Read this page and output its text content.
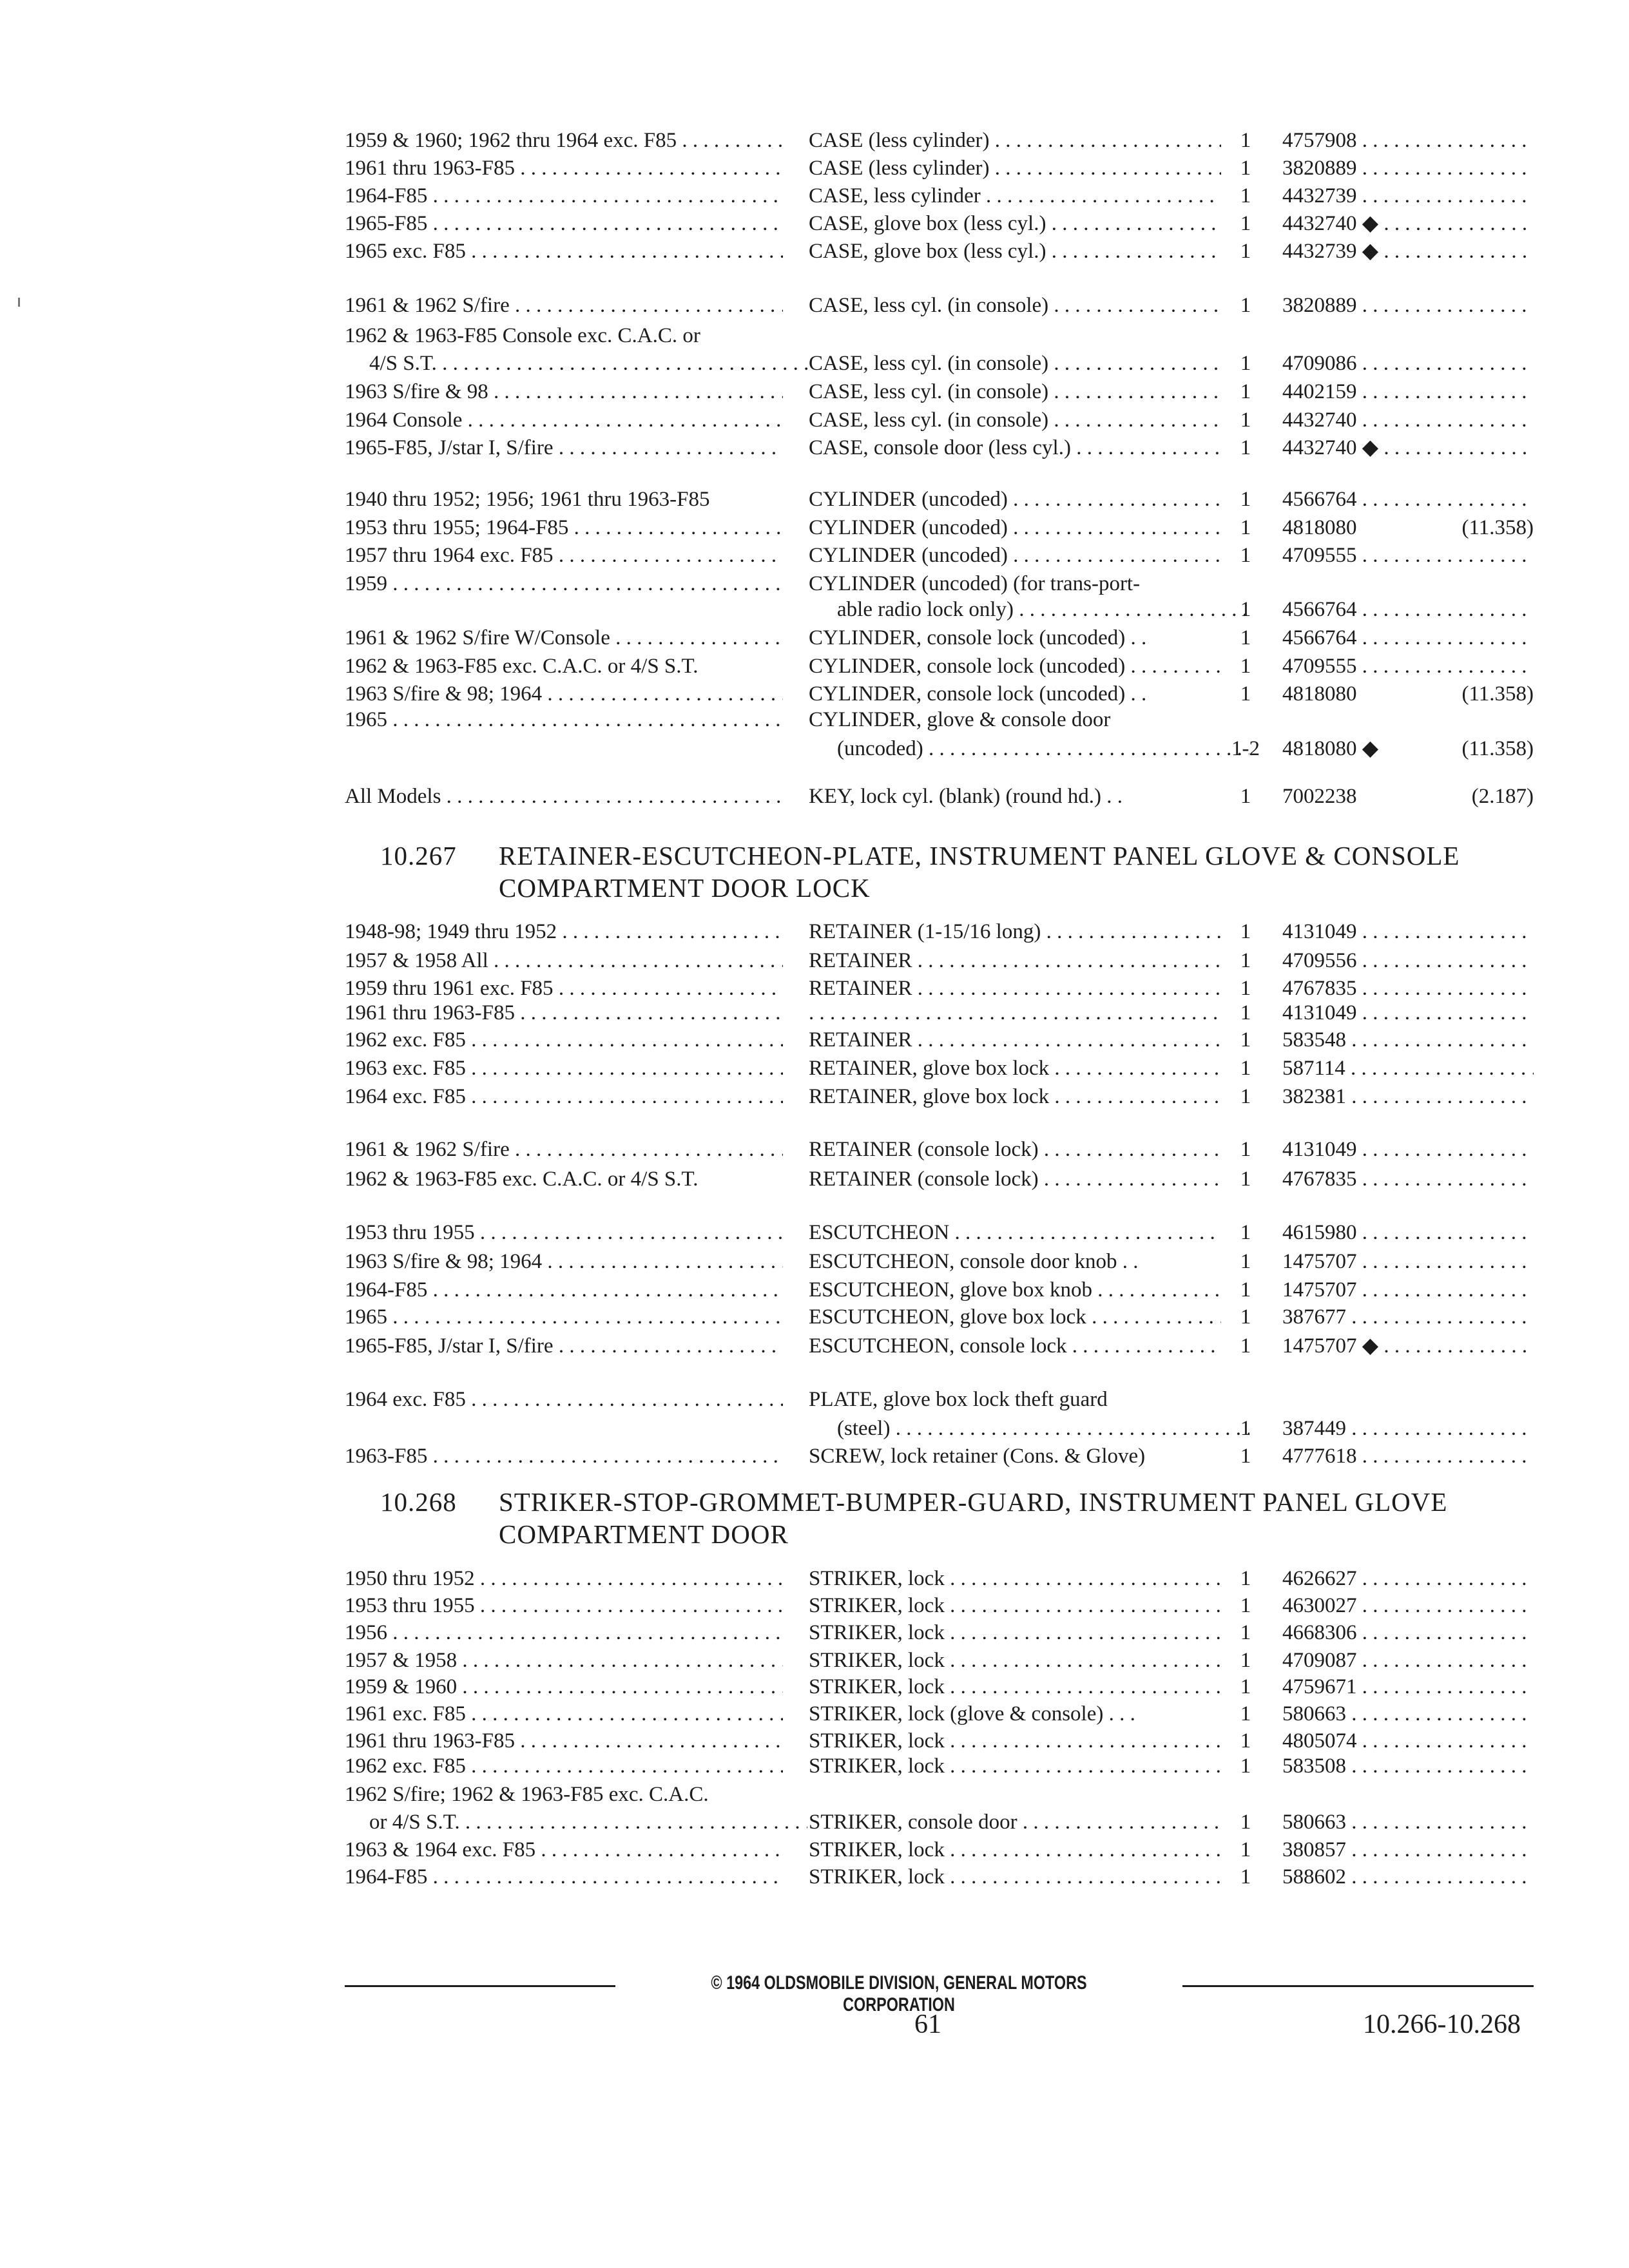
1959 & 1960; 1962 thru 1964 exc. F85 . . . . .	CASE (less cylinder) . . .	1	4757908 . . .
1961 thru 1963-F85 . . .	CASE (less cylinder) . . .	1	3820889 . . .
1964-F85 . . .	CASE, less cylinder . . .	1	4432739 . . .
1965-F85 . . .	CASE, glove box (less cyl.) . . .	1	4432740 ◆ . . .
1965 exc. F85 . . .	CASE, glove box (less cyl.) . . .	1	4432739 ◆ . . .
1961 & 1962 S/fire . . .	CASE, less cyl. (in console) . . .	1	3820889 . . .
1962 & 1963-F85 Console exc. C.A.C. or
4/S S.T. . . .	CASE, less cyl. (in console) . . .	1	4709086 . . .
1963 S/fire & 98 . . .	CASE, less cyl. (in console) . . .	1	4402159 . . .
1964 Console . . .	CASE, less cyl. (in console) . . .	1	4432740 . . .
1965-F85, J/star I, S/fire . . .	CASE, console door (less cyl.) . . .	1	4432740 ◆ . . .
1940 thru 1952; 1956; 1961 thru 1963-F85	CYLINDER (uncoded) . . .	1	4566764 . . .
1953 thru 1955; 1964-F85 . . .	CYLINDER (uncoded) . . .	1	4818080	(11.358)
1957 thru 1964 exc. F85 . . .	CYLINDER (uncoded) . . .	1	4709555 . . .
1959 . . .	CYLINDER (uncoded) (for trans-port-
able radio lock only) . . .	1	4566764 . . .
1961 & 1962 S/fire W/Console . . .	CYLINDER, console lock (uncoded) . .	1	4566764 . . .
1962 & 1963-F85 exc. C.A.C. or 4/S S.T.	CYLINDER, console lock (uncoded) . . .	1	4709555 . . .
1963 S/fire & 98; 1964 . . .	CYLINDER, console lock (uncoded) . .	1	4818080	(11.358)
1965 . . .	CYLINDER, glove & console door
(uncoded) . . .	1-2	4818080 ◆	(11.358)
All Models . . .	KEY, lock cyl. (blank) (round hd.) . .	1	7002238	(2.187)
10.267 RETAINER-ESCUTCHEON-PLATE, INSTRUMENT PANEL GLOVE & CONSOLE COMPARTMENT DOOR LOCK
1948-98; 1949 thru 1952 . . .	RETAINER (1-15/16 long) . . .	1	4131049 . . .
1957 & 1958 All . . .	RETAINER . . .	1	4709556 . . .
1959 thru 1961 exc. F85 . . .	RETAINER . . .	1	4767835 . . .
1961 thru 1963-F85 . . .
. . .	1	4131049 . . .
1962 exc. F85 . . .	RETAINER . . .	1	583548 . . .
1963 exc. F85 . . .	RETAINER, glove box lock . . .	1	587114 . . .
1964 exc. F85 . . .	RETAINER, glove box lock . . .	1	382381 . . .
1961 & 1962 S/fire . . .	RETAINER (console lock) . . .	1	4131049 . . .
1962 & 1963-F85 exc. C.A.C. or 4/S S.T.	RETAINER (console lock) . . .	1	4767835 . . .
1953 thru 1955 . . .	ESCUTCHEON . . .	1	4615980 . . .
1963 S/fire & 98; 1964 . . .	ESCUTCHEON, console door knob . .	1	1475707 . . .
1964-F85 . . .	ESCUTCHEON, glove box knob . . .	1	1475707 . . .
1965 . . .	ESCUTCHEON, glove box lock . . .	1	387677 . . .
1965-F85, J/star I, S/fire . . .	ESCUTCHEON, console lock . . .	1	1475707 ◆ . . .
1964 exc. F85 . . .	PLATE, glove box lock theft guard
(steel) . . .	1	387449 . . .
1963-F85 . . .	SCREW, lock retainer (Cons. & Glove)	1	4777618 . . .
10.268 STRIKER-STOP-GROMMET-BUMPER-GUARD, INSTRUMENT PANEL GLOVE COMPARTMENT DOOR
1950 thru 1952 . . .	STRIKER, lock . . .	1	4626627 . . .
1953 thru 1955 . . .	STRIKER, lock . . .	1	4630027 . . .
1956 . . .	STRIKER, lock . . .	1	4668306 . . .
1957 & 1958 . . .	STRIKER, lock . . .	1	4709087 . . .
1959 & 1960 . . .	STRIKER, lock . . .	1	4759671 . . .
1961 exc. F85 . . .	STRIKER, lock (glove & console) . . .	1	580663 . . .
1961 thru 1963-F85 . . .	STRIKER, lock . . .	1	4805074 . . .
1962 exc. F85 . . .	STRIKER, lock . . .	1	583508 . . .
1962 S/fire; 1962 & 1963-F85 exc. C.A.C.
or 4/S S.T. . . .	STRIKER, console door . . .	1	580663 . . .
1963 & 1964 exc. F85 . . .	STRIKER, lock . . .	1	380857 . . .
1964-F85 . . .	STRIKER, lock . . .	1	588602 . . .
© 1964 OLDSMOBILE DIVISION, GENERAL MOTORS CORPORATION
61	10.266-10.268
